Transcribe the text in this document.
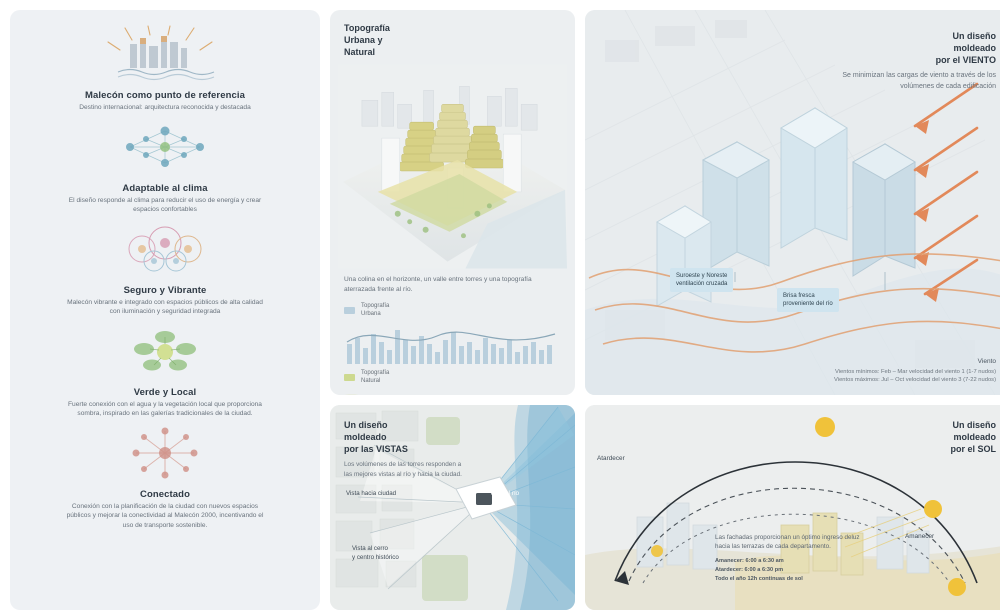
Malecón como punto de referencia

Destino internacional: arquitectura reconocida y destacada

Adaptable al clima

El diseño responde al clima para reducir el uso de energía y crear espacios confortables

Seguro y Vibrante

Malecón vibrante e integrado con espacios públicos de alta calidad con iluminación y seguridad integrada

Verde y Local

Fuerte conexión con el agua y la vegetación local que proporciona sombra, inspirado en las galerías tradicionales de la ciudad.

Conectado

Conexión con la planificación de la ciudad con nuevos espacios públicos y mejorar la conectividad al Malecón 2000, incentivando el uso de transporte sostenible.

Topografía
Urbana y
Natural
Una colina en el horizonte, un valle entre torres y una topografía aterrazada frente al río.
Topografía
Urbana
Topografía
Natural
Un diseño
moldeado
por el VIENTO

Se minimizan las cargas de viento a través de los volúmenes de cada edificación

Suroeste y Noreste
ventilación cruzada
Brisa fresca
proveniente del río
Viento
Vientos mínimos: Feb – Mar velocidad del viento 1 (1-7 nudos)
Vientos máximos: Jul – Oct velocidad del viento 3 (7-22 nudos)
Un diseño
moldeado
por las VISTAS

Los volúmenes de las torres responden a las mejores vistas al río y hacia la ciudad.

Vista hacia ciudad	Vista al río
Vista al cerro
y centro histórico
Un diseño
moldeado
por el SOL
Atardecer
Amanecer

Las fachadas proporcionan un óptimo ingreso deluz hacia las terrazas de cada departamento.

Amanecer: 6:00 a 6:30 am
Atardecer: 6:00 a 6:30 pm
Todo el año 12h continuas de sol
